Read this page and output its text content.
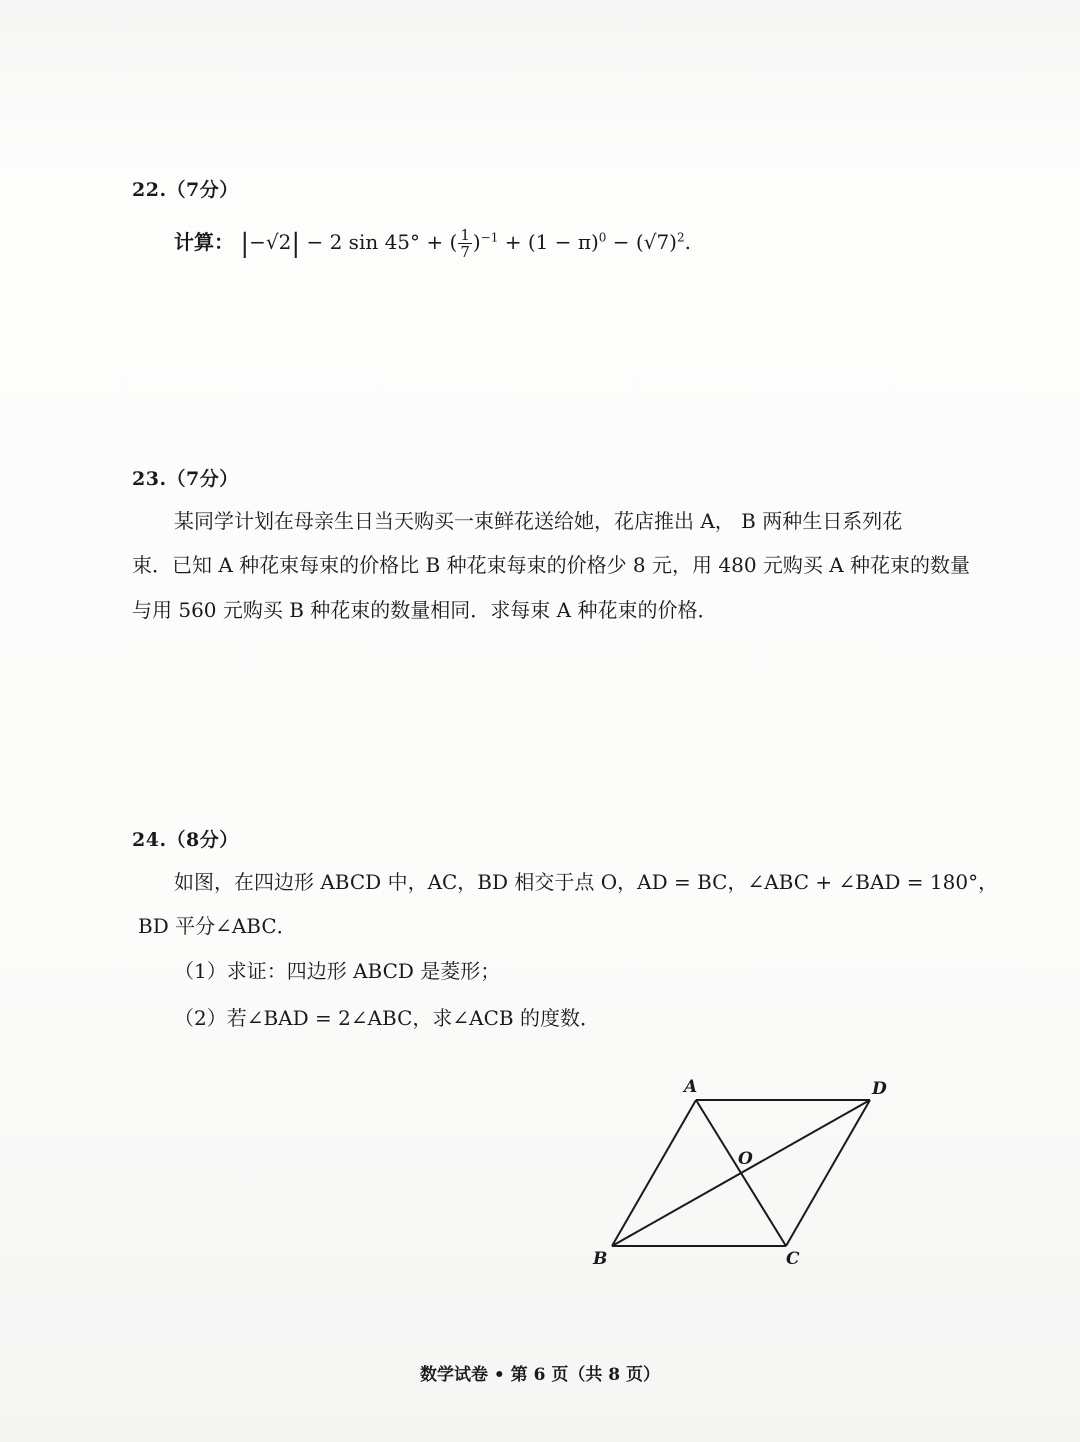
22.（7分）
计算： |−√2| − 2 sin 45° + ( $\frac{1}{7} )^{-1} + (1 - \pi)^0 - (√7)^2$.
23.（7分）
某同学计划在母亲生日当天购买一束鲜花送给她，花店推出 A， B 两种生日系列花
束．已知 A 种花束每束的价格比 B 种花束每束的价格少 8 元，用 480 元购买 A 种花束的数量
与用 560 元购买 B 种花束的数量相同．求每束 A 种花束的价格．
24.（8分）
如图，在四边形 ABCD 中，AC，BD 相交于点 O，AD = BC，∠ABC + ∠BAD = 180°，
BD 平分∠ABC．
（1）求证：四边形 ABCD 是菱形；
（2）若∠BAD = 2∠ABC，求∠ACB 的度数．
A	D
O
B	C
数学试卷 • 第 6 页（共 8 页）
